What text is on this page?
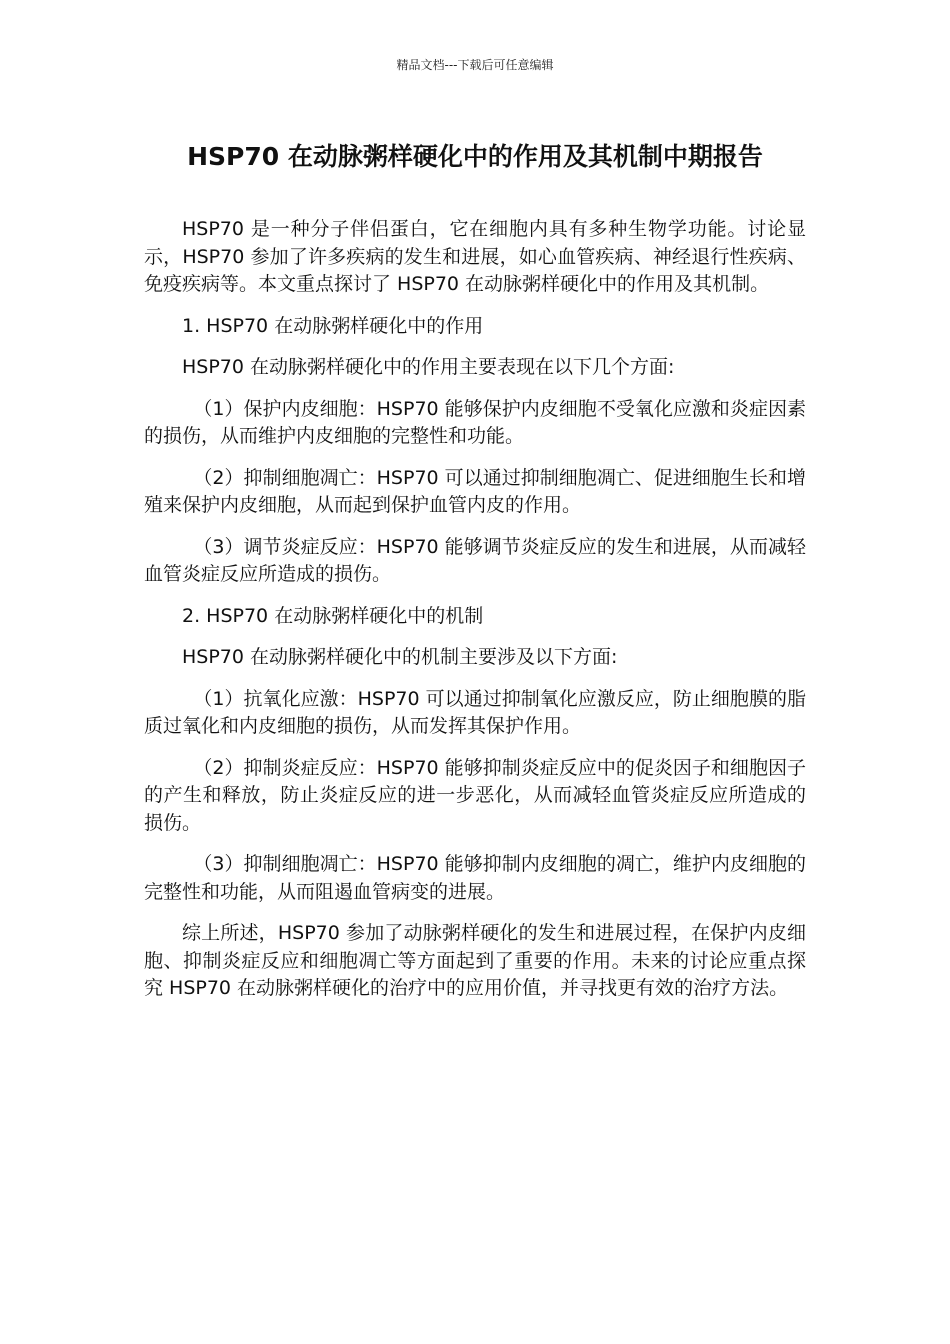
精品文档---下载后可任意编辑
HSP70 在动脉粥样硬化中的作用及其机制中期报告

HSP70 是一种分子伴侣蛋白，它在细胞内具有多种生物学功能。讨论显示，HSP70 参加了许多疾病的发生和进展，如心血管疾病、神经退行性疾病、免疫疾病等。本文重点探讨了 HSP70 在动脉粥样硬化中的作用及其机制。

1. HSP70 在动脉粥样硬化中的作用

HSP70 在动脉粥样硬化中的作用主要表现在以下几个方面:

（1）保护内皮细胞：HSP70 能够保护内皮细胞不受氧化应激和炎症因素的损伤，从而维护内皮细胞的完整性和功能。

（2）抑制细胞凋亡：HSP70 可以通过抑制细胞凋亡、促进细胞生长和增殖来保护内皮细胞，从而起到保护血管内皮的作用。

（3）调节炎症反应：HSP70 能够调节炎症反应的发生和进展，从而减轻血管炎症反应所造成的损伤。

2. HSP70 在动脉粥样硬化中的机制

HSP70 在动脉粥样硬化中的机制主要涉及以下方面:

（1）抗氧化应激：HSP70 可以通过抑制氧化应激反应，防止细胞膜的脂质过氧化和内皮细胞的损伤，从而发挥其保护作用。

（2）抑制炎症反应：HSP70 能够抑制炎症反应中的促炎因子和细胞因子的产生和释放，防止炎症反应的进一步恶化，从而减轻血管炎症反应所造成的损伤。

（3）抑制细胞凋亡：HSP70 能够抑制内皮细胞的凋亡，维护内皮细胞的完整性和功能，从而阻遏血管病变的进展。

综上所述，HSP70 参加了动脉粥样硬化的发生和进展过程，在保护内皮细胞、抑制炎症反应和细胞凋亡等方面起到了重要的作用。未来的讨论应重点探究 HSP70 在动脉粥样硬化的治疗中的应用价值，并寻找更有效的治疗方法。
